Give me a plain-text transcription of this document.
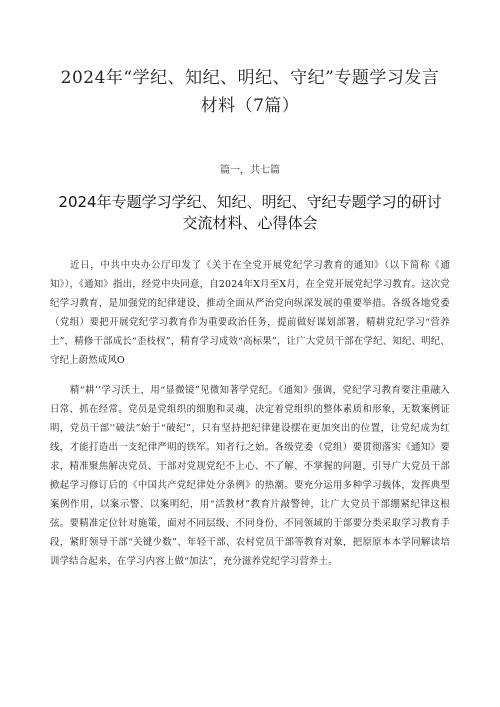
2024年“学纪、知纪、明纪、守纪”专题学习发言
材料（7篇）
篇一，共七篇
2024年专题学习学纪、知纪、明纪、守纪专题学习的研讨
交流材料、心得体会

近日，中共中央办公厅印发了《关于在全党开展党纪学习教育的通知》（以下简称《通知》），《通知》指出，经党中央同意，自2024年X月至X月，在全党开展党纪学习教育。这次党纪学习教育，是加强党的纪律建设、推动全面从严治党向纵深发展的重要举措。各级各地党委（党组）要把开展党纪学习教育作为重要政治任务，提前做好谋划部署，精耕党纪学习“营养土”，精修干部成长“歪枝杈”，精育学习成效“高标果”，让广大党员干部在学纪、知纪、明纪、守纪上蔚然成风O

精“耕’’学习沃土，用“显微镜”见微知著学党纪。《通知》强调，党纪学习教育要注重融入日常、抓在经常。党员是党组织的细胞和灵魂，决定着党组织的整体素质和形象，无数案例证明，党员干部''破法”始于“破纪”，只有坚持把纪律建设摆在更加突出的位置，让党纪成为红线，才能打造出一支纪律严明的铁军。知者行之始。各级党委（党组）要贯彻落实《通知》要求，精准聚焦解决党员、干部对党规党纪不上心、不了解、不掌握的问题，引导广大党员干部掀起学习修订后的《中国共产党纪律处分条例》的热潮。要充分运用多种学习载体，发挥典型案例作用，以案示警、以案明纪，用“活教材”教育片敲警钟，让广大党员干部绷紧纪律这根弦。要精准定位针对施策，面对不同层级、不同身份、不同领域的干部要分类采取学习教育手段，紧盯领导干部“关键少数”、年轻干部、农村党员干部等教育对象，把原原本本学同解读培训学结合起来，在学习内容上做“加法”，充分滋养党纪学习营养土。
